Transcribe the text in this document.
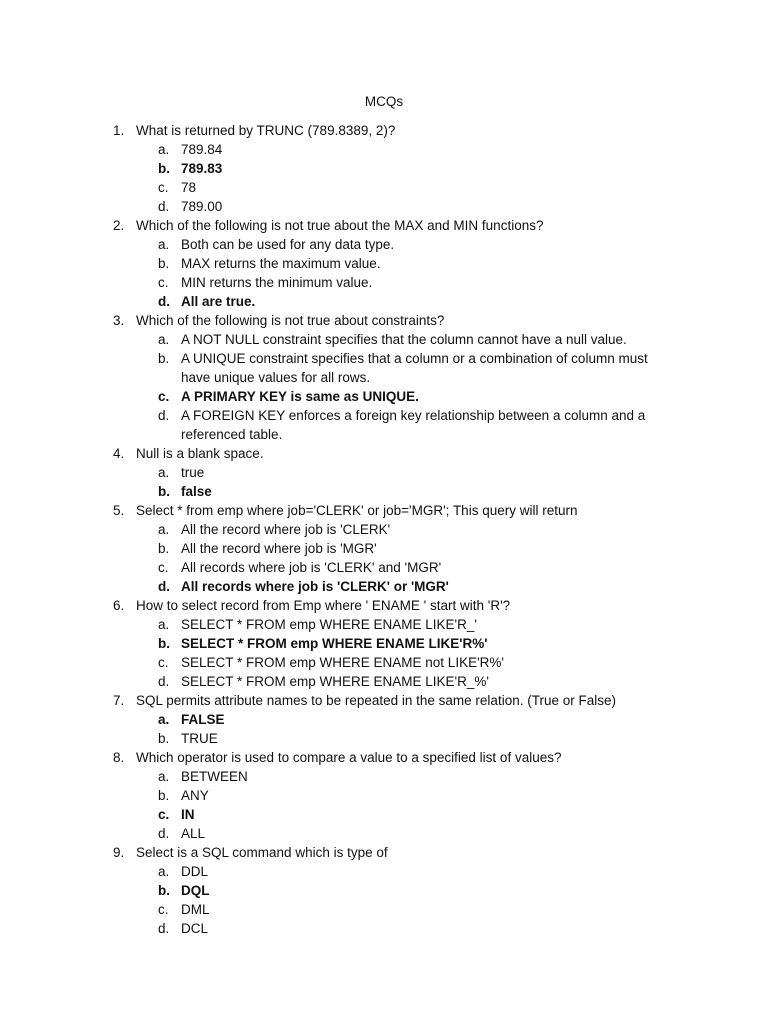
MCQs
1. What is returned by TRUNC (789.8389, 2)?
a. 789.84
b. 789.83
c. 78
d. 789.00
2. Which of the following is not true about the MAX and MIN functions?
a. Both can be used for any data type.
b. MAX returns the maximum value.
c. MIN returns the minimum value.
d. All are true.
3. Which of the following is not true about constraints?
a. A NOT NULL constraint specifies that the column cannot have a null value.
b. A UNIQUE constraint specifies that a column or a combination of column must have unique values for all rows.
c. A PRIMARY KEY is same as UNIQUE.
d. A FOREIGN KEY enforces a foreign key relationship between a column and a referenced table.
4. Null is a blank space.
a. true
b. false
5. Select * from emp where job='CLERK' or job='MGR'; This query will return
a. All the record where job is 'CLERK'
b. All the record where job is 'MGR'
c. All records where job is 'CLERK' and 'MGR'
d. All records where job is 'CLERK' or 'MGR'
6. How to select record from Emp where ' ENAME ' start with 'R'?
a. SELECT * FROM emp WHERE ENAME LIKE'R_'
b. SELECT * FROM emp WHERE ENAME LIKE'R%'
c. SELECT * FROM emp WHERE ENAME not LIKE'R%'
d. SELECT * FROM emp WHERE ENAME LIKE'R_%'
7. SQL permits attribute names to be repeated in the same relation. (True or False)
a. FALSE
b. TRUE
8. Which operator is used to compare a value to a specified list of values?
a. BETWEEN
b. ANY
c. IN
d. ALL
9. Select is a SQL command which is type of
a. DDL
b. DQL
c. DML
d. DCL
